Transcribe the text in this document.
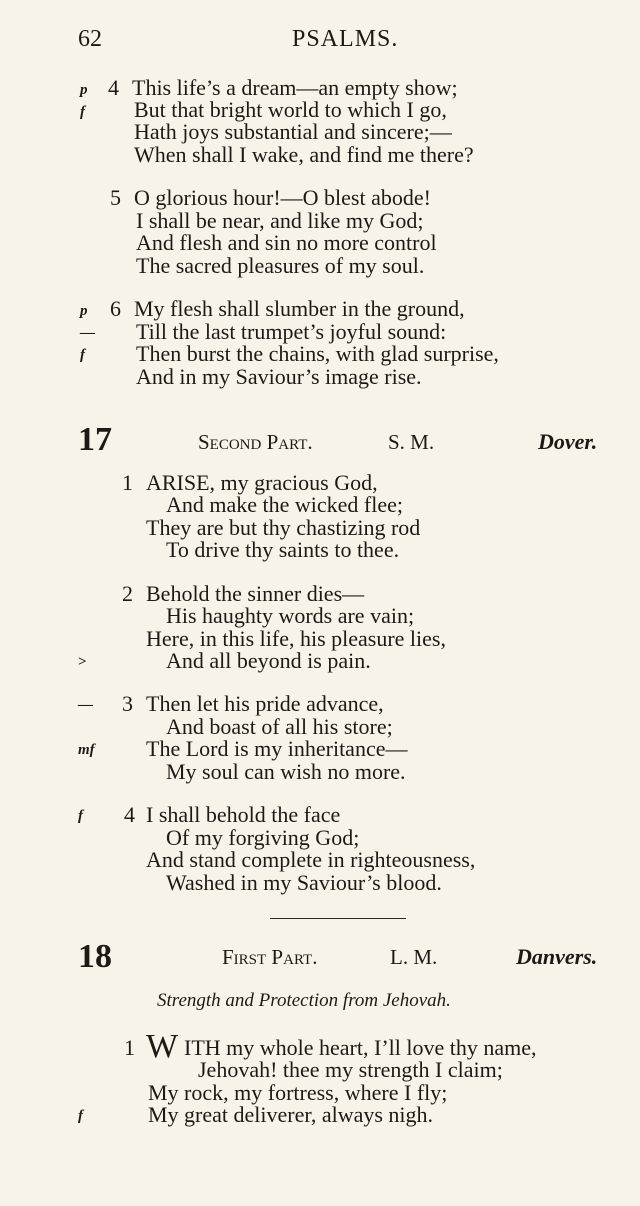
62	PSALMS.
p
f
4 This life’s a dream—an empty show;
But that bright world to which I go,
Hath joys substantial and sincere;—
When shall I wake, and find me there?
5 O glorious hour!—O blest abode!
I shall be near, and like my God;
And flesh and sin no more control
The sacred pleasures of my soul.
p
—
f
6 My flesh shall slumber in the ground,
Till the last trumpet’s joyful sound:
Then burst the chains, with glad surprise,
And in my Saviour’s image rise.
17	Second Part.	S. M.	Dover.
1 ARISE, my gracious God,
And make the wicked flee;
They are but thy chastizing rod
To drive thy saints to thee.
2 Behold the sinner dies—
His haughty words are vain;
Here, in this life, his pleasure lies,
>	And all beyond is pain.
— 3 Then let his pride advance,
And boast of all his store;
mf The Lord is my inheritance—
My soul can wish no more.
f 4 I shall behold the face
Of my forgiving God;
And stand complete in righteousness,
Washed in my Saviour’s blood.
18	First Part.	L. M.	Danvers.
Strength and Protection from Jehovah.
1 W ITH my whole heart, I’ll love thy name,
Jehovah! thee my strength I claim;
My rock, my fortress, where I fly;
f	My great deliverer, always nigh.
